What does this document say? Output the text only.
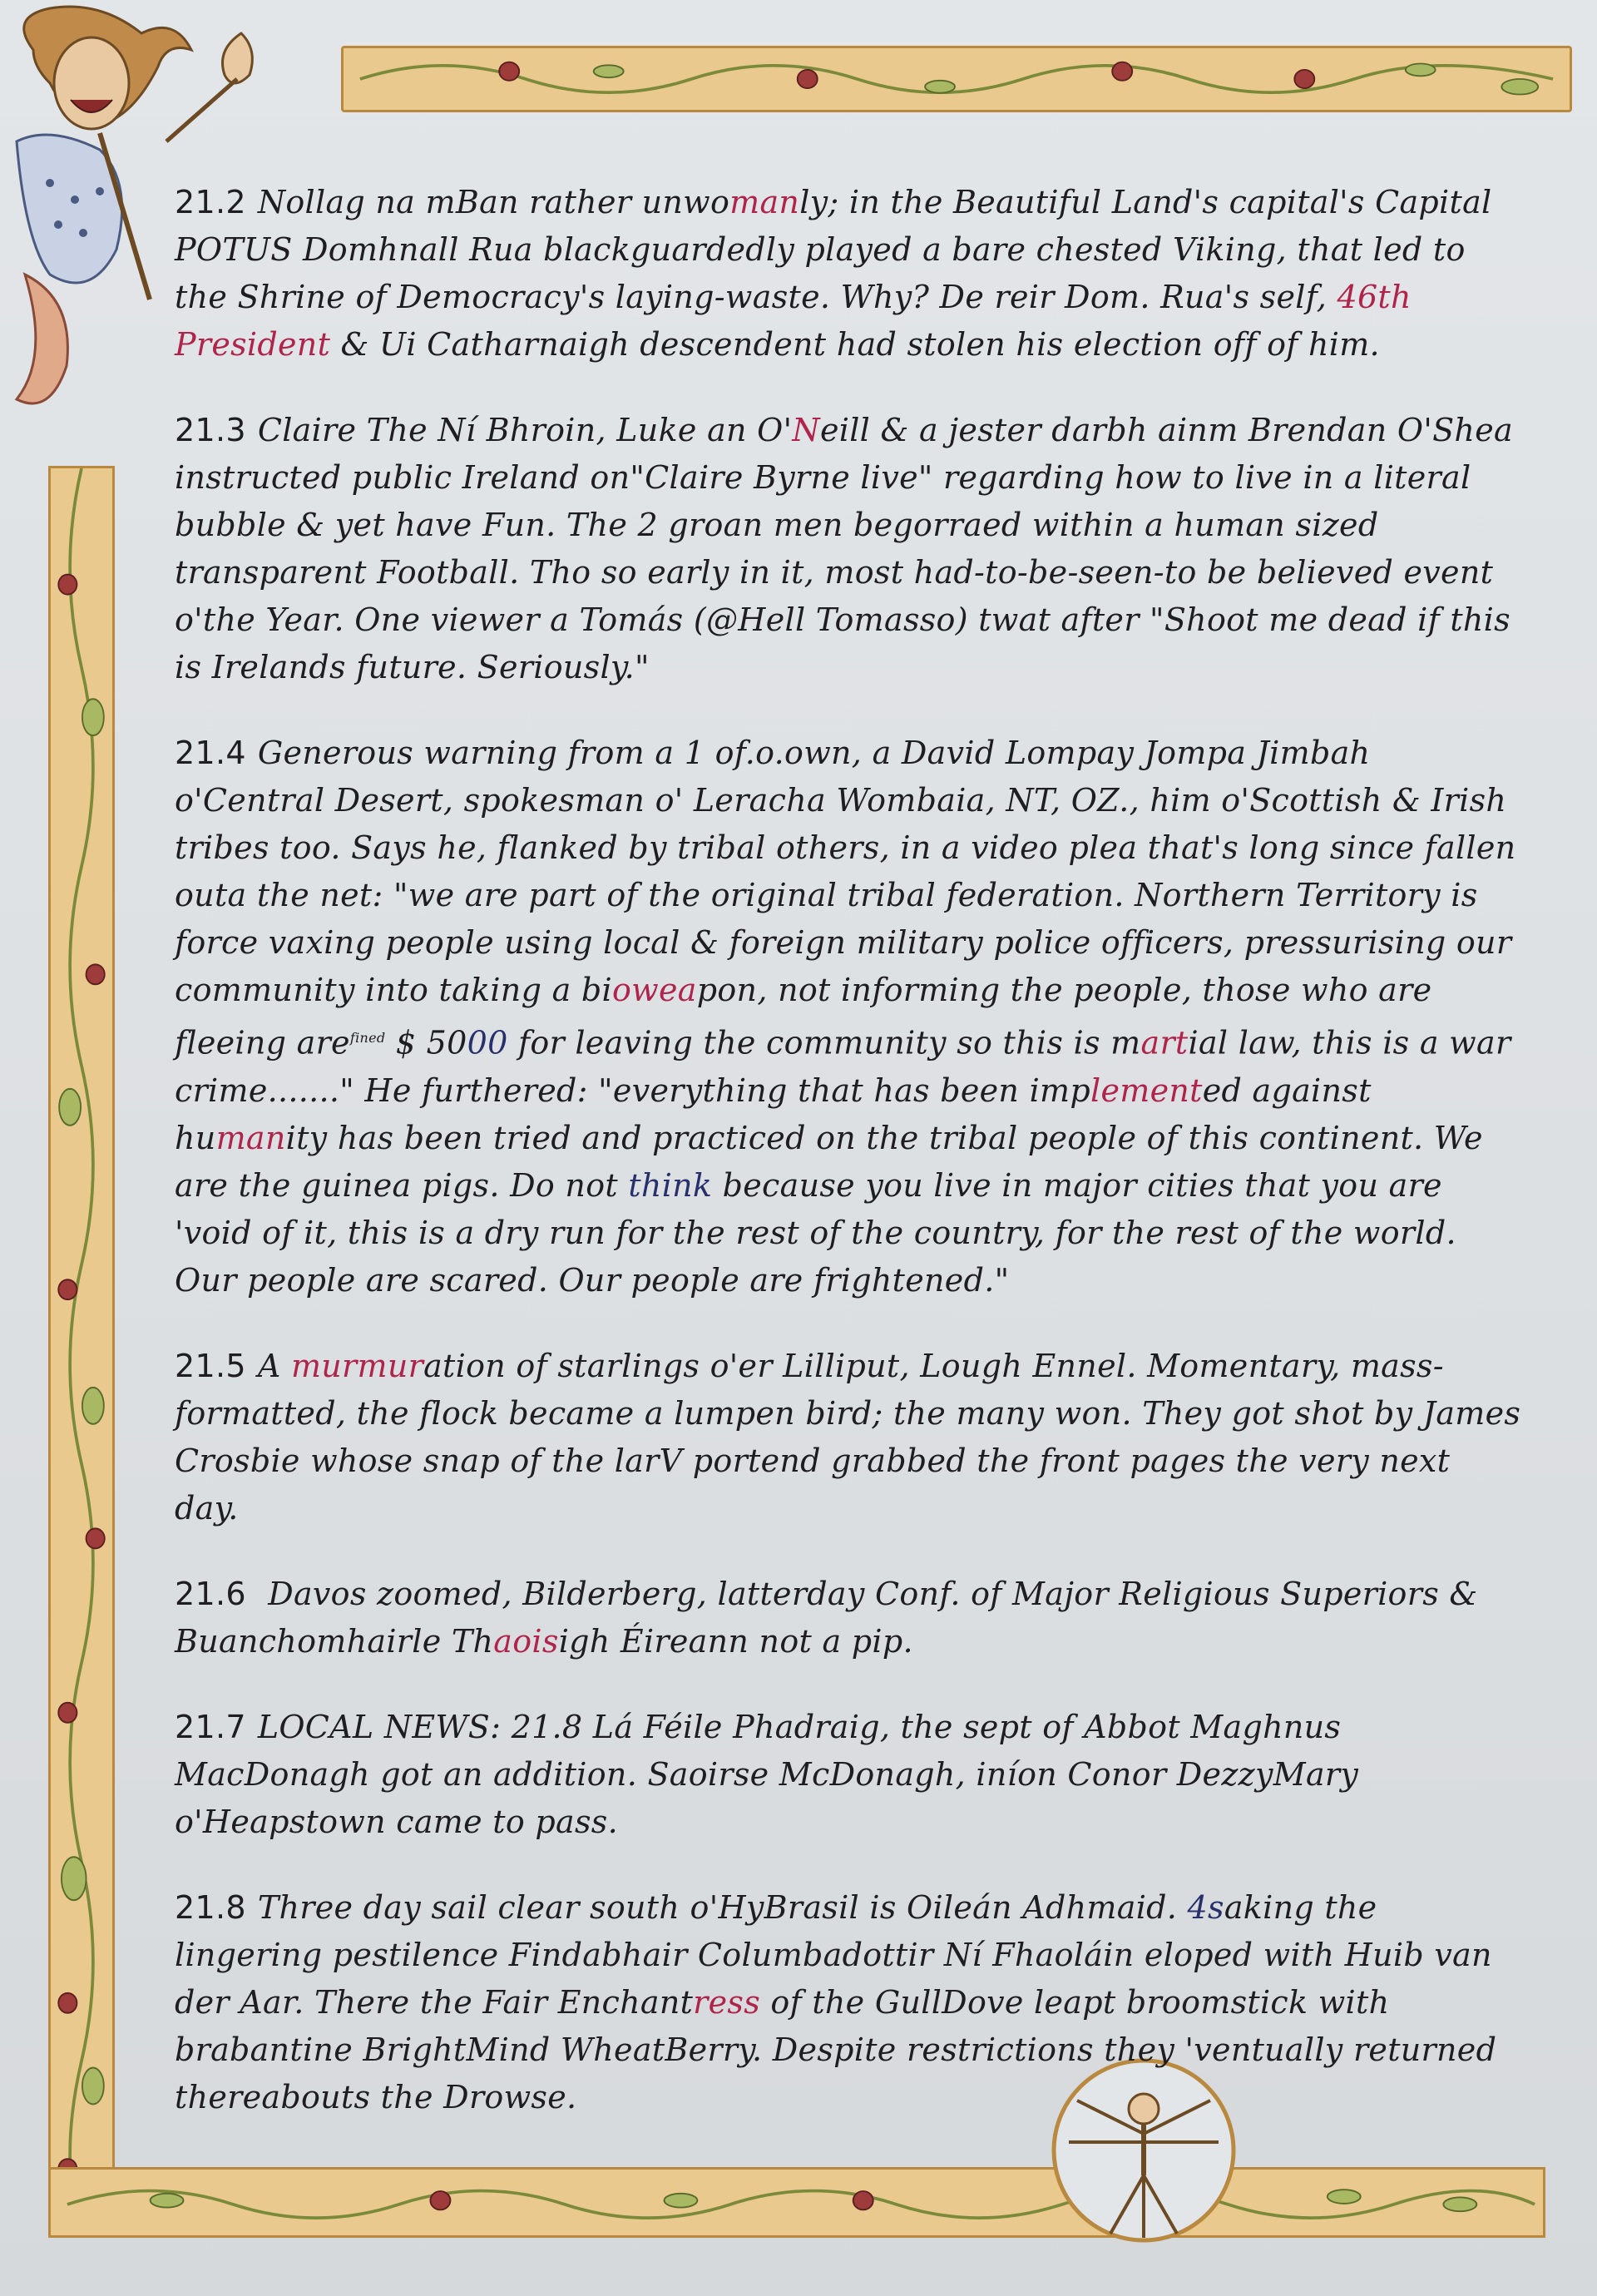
21.2 Nollag na mBan rather unwomanly; in the Beautiful Land's capital's Capital POTUS Domhnall Rua blackguardedly played a bare chested Viking, that led to the Shrine of Democracy's laying-waste. Why? De reir Dom. Rua's self, 46th President & Ui Catharnaigh descendent had stolen his election off of him.

21.3 Claire The Ní Bhroin, Luke an O'Neill & a jester darbh ainm Brendan O'Shea instructed public Ireland on"Claire Byrne live" regarding how to live in a literal bubble & yet have Fun. The 2 groan men begorraed within a human sized transparent Football. Tho so early in it, most had-to-be-seen-to be believed event o'the Year. One viewer a Tomás (@Hell Tomasso) twat after "Shoot me dead if this is Irelands future. Seriously."

21.4 Generous warning from a 1 of.o.own, a David Lompay Jompa Jimbah o'Central Desert, spokesman o' Leracha Wombaia, NT, OZ., him o'Scottish & Irish tribes too. Says he, flanked by tribal others, in a video plea that's long since fallen outa the net: "we are part of the original tribal federation. Northern Territory is force vaxing people using local & foreign military police officers, pressurising our community into taking a bioweapon, not informing the people, those who are fleeing are$^{fined}$ $ 5000 for leaving the community so this is martial law, this is a war crime......." He furthered: "everything that has been implemented against humanity has been tried and practiced on the tribal people of this continent. We are the guinea pigs. Do not think because you live in major cities that you are 'void of it, this is a dry run for the rest of the country, for the rest of the world. Our people are scared. Our people are frightened."

21.5 A murmuration of starlings o'er Lilliput, Lough Ennel. Momentary, mass-formatted, the flock became a lumpen bird; the many won. They got shot by James Crosbie whose snap of the larV portend grabbed the front pages the very next day.

21.6 Davos zoomed, Bilderberg, latterday Conf. of Major Religious Superiors & Buanchomhairle Thaoisigh Éireann not a pip.

21.7 LOCAL NEWS: 21.8 Lá Féile Phadraig, the sept of Abbot Maghnus MacDonagh got an addition. Saoirse McDonagh, iníon Conor DezzyMary o'Heapstown came to pass.

21.8 Three day sail clear south o'HyBrasil is Oileán Adhmaid. 4saking the lingering pestilence Findabhair Columbadottir Ní Fhaoláin eloped with Huib van der Aar. There the Fair Enchantress of the GullDove leapt broomstick with brabantine BrightMind WheatBerry. Despite restrictions they 'ventually returned thereabouts the Drowse.
